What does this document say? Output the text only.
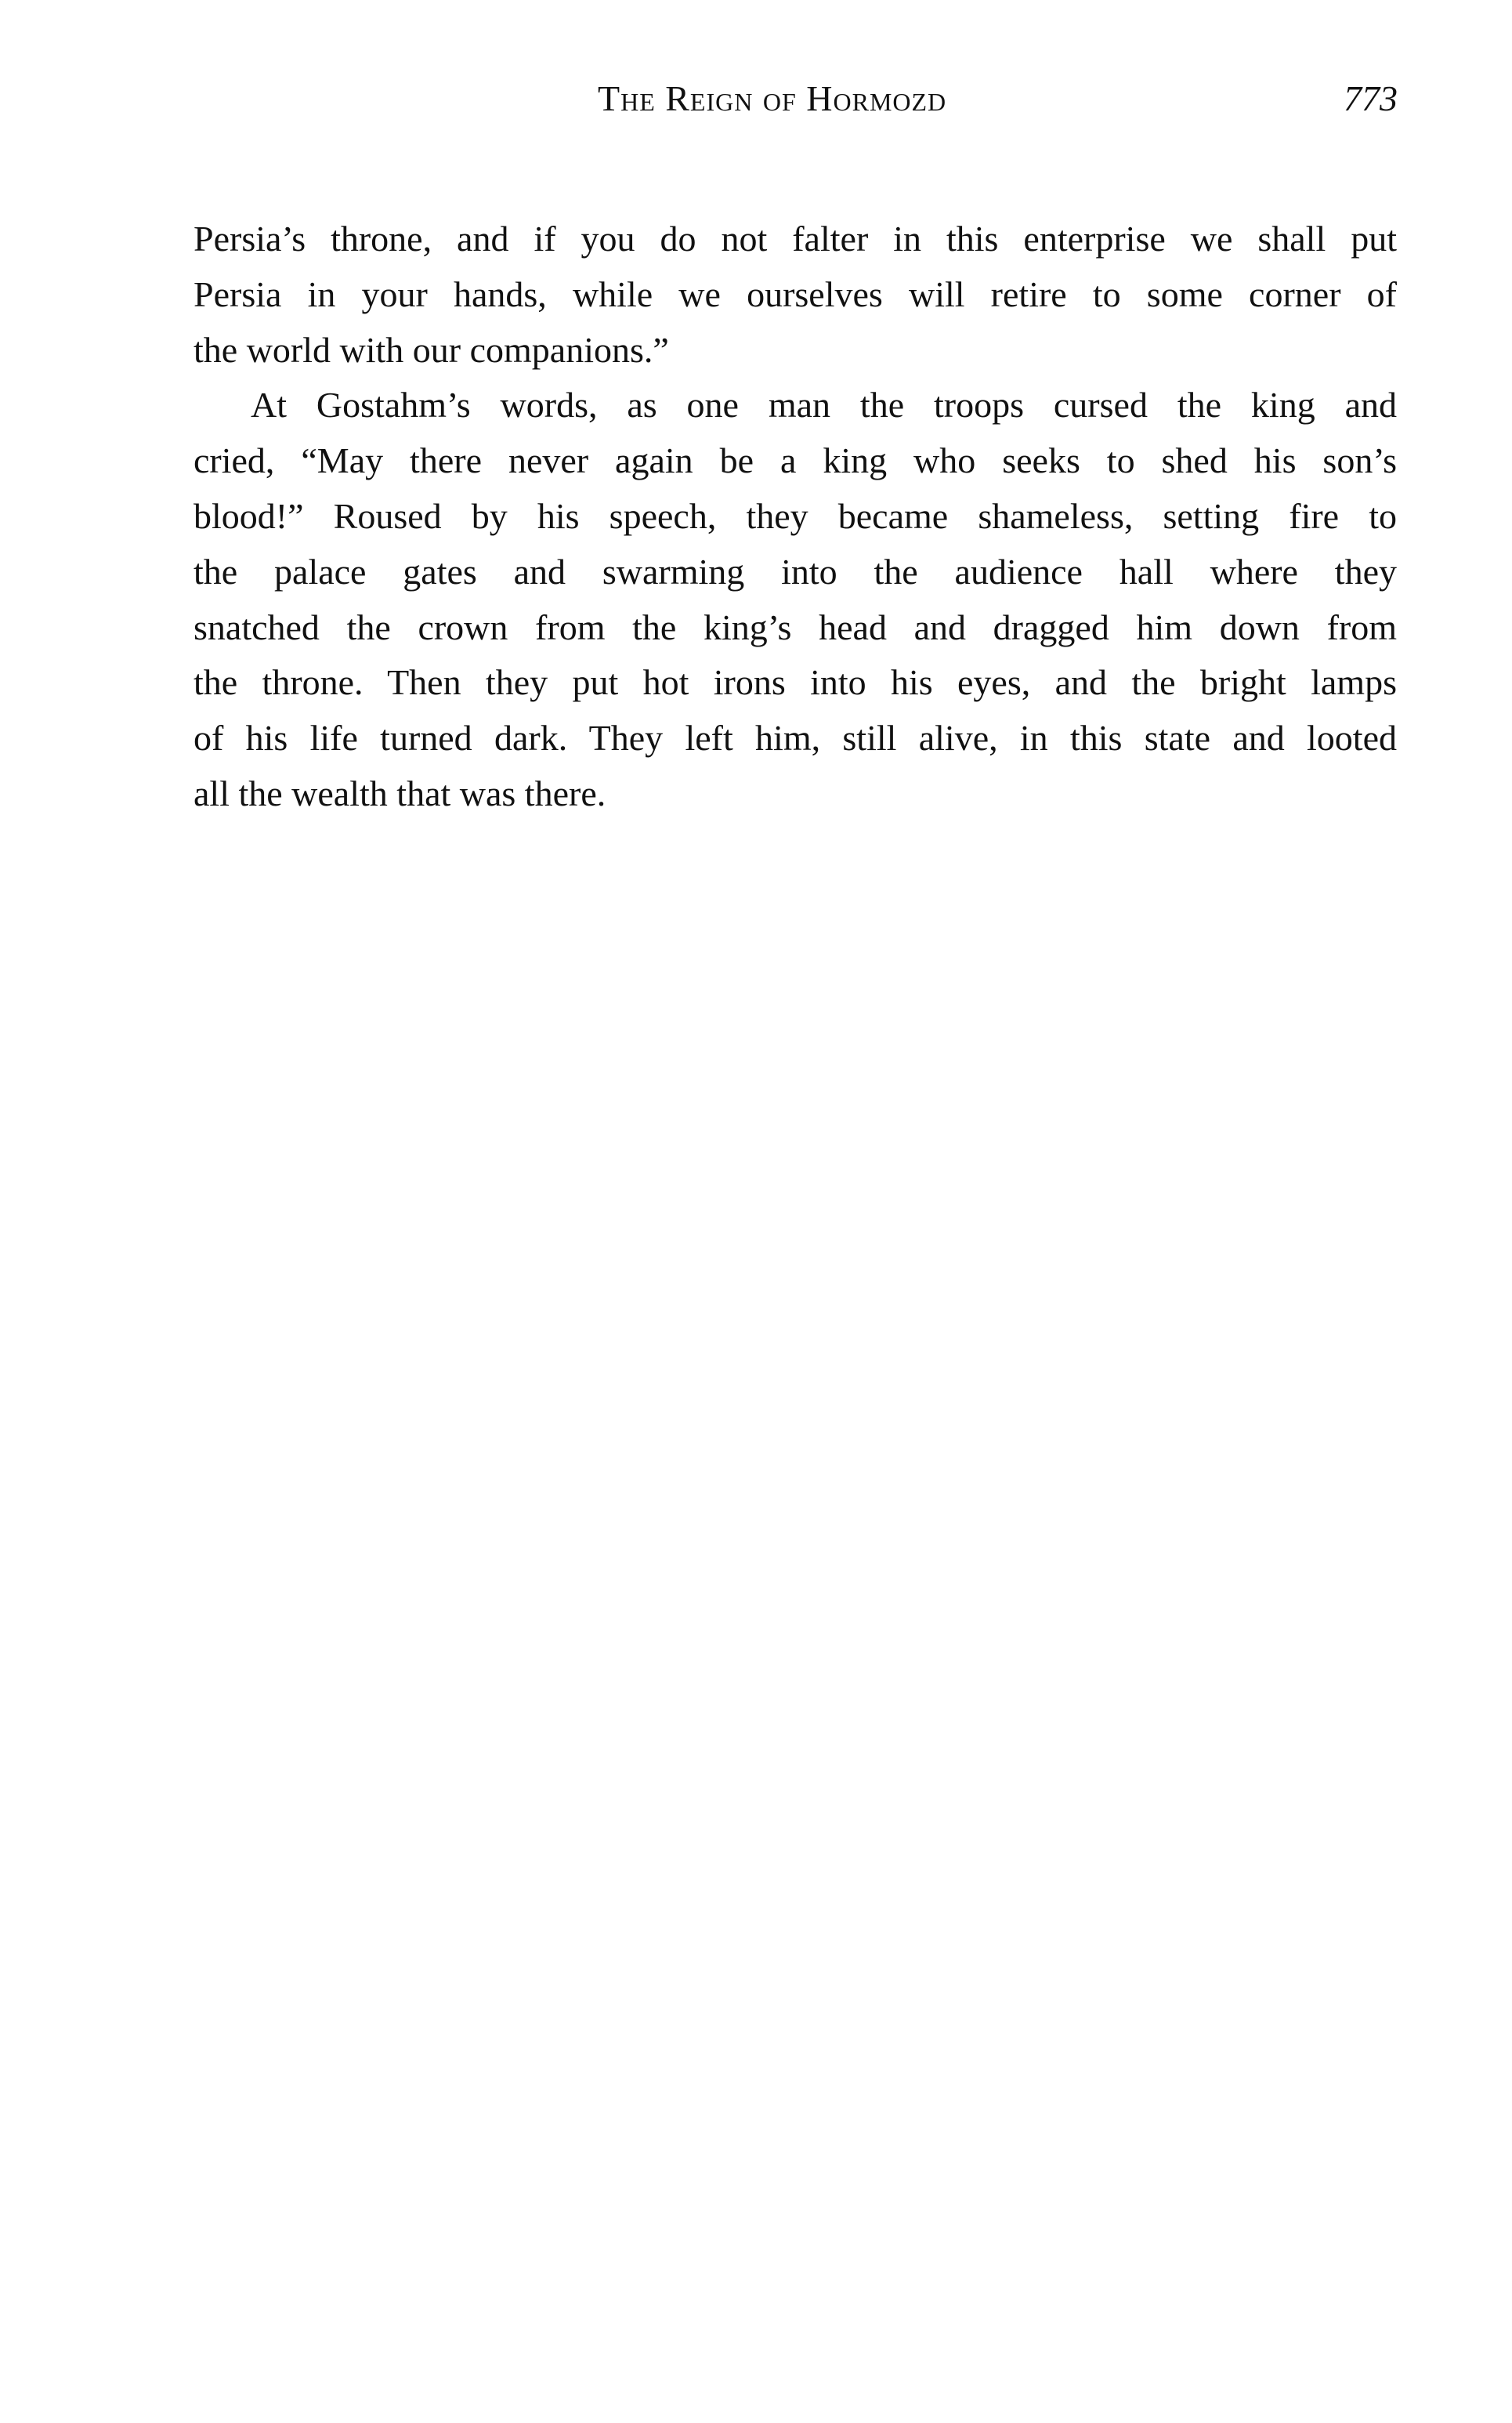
The Reign of Hormozd	773
Persia’s throne, and if you do not falter in this enterprise we shall put
Persia in your hands, while we ourselves will retire to some corner of
the world with our companions.”
At Gostahm’s words, as one man the troops cursed the king and
cried, “May there never again be a king who seeks to shed his son’s
blood!” Roused by his speech, they became shameless, setting fire to
the palace gates and swarming into the audience hall where they
snatched the crown from the king’s head and dragged him down from
the throne. Then they put hot irons into his eyes, and the bright lamps
of his life turned dark. They left him, still alive, in this state and looted
all the wealth that was there.
